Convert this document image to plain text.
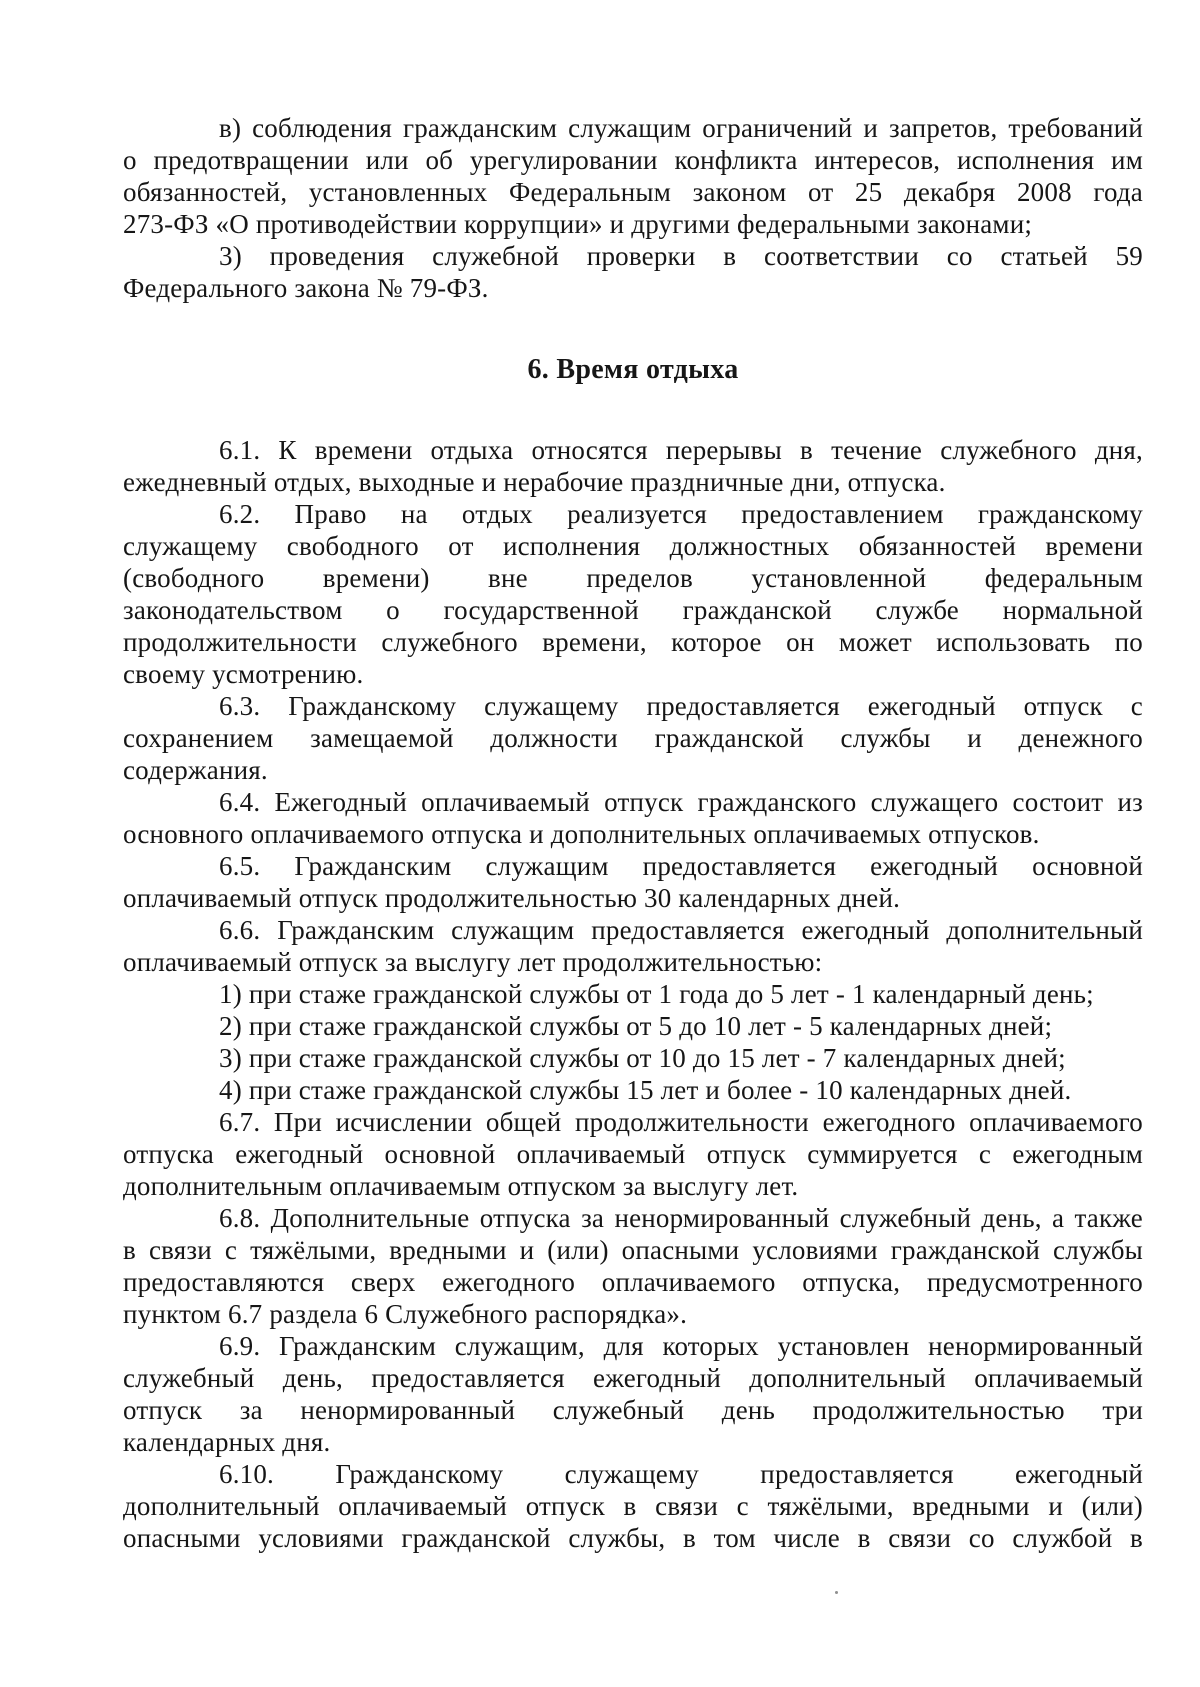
в) соблюдения гражданским служащим ограничений и запретов, требований
о предотвращении или об урегулировании конфликта интересов, исполнения им
обязанностей, установленных Федеральным законом от 25 декабря 2008 года
273-ФЗ «О противодействии коррупции» и другими федеральными законами;
3) проведения служебной проверки в соответствии со статьей 59
Федерального закона № 79-ФЗ.
6. Время отдыха
6.1. К времени отдыха относятся перерывы в течение служебного дня,
ежедневный отдых, выходные и нерабочие праздничные дни, отпуска.
6.2. Право на отдых реализуется предоставлением гражданскому
служащему свободного от исполнения должностных обязанностей времени
(свободного времени) вне пределов установленной федеральным
законодательством о государственной гражданской службе нормальной
продолжительности служебного времени, которое он может использовать по
своему усмотрению.
6.3. Гражданскому служащему предоставляется ежегодный отпуск с
сохранением замещаемой должности гражданской службы и денежного
содержания.
6.4. Ежегодный оплачиваемый отпуск гражданского служащего состоит из
основного оплачиваемого отпуска и дополнительных оплачиваемых отпусков.
6.5. Гражданским служащим предоставляется ежегодный основной
оплачиваемый отпуск продолжительностью 30 календарных дней.
6.6. Гражданским служащим предоставляется ежегодный дополнительный
оплачиваемый отпуск за выслугу лет продолжительностью:
1) при стаже гражданской службы от 1 года до 5 лет - 1 календарный день;
2) при стаже гражданской службы от 5 до 10 лет - 5 календарных дней;
3) при стаже гражданской службы от 10 до 15 лет - 7 календарных дней;
4) при стаже гражданской службы 15 лет и более - 10 календарных дней.
6.7. При исчислении общей продолжительности ежегодного оплачиваемого
отпуска ежегодный основной оплачиваемый отпуск суммируется с ежегодным
дополнительным оплачиваемым отпуском за выслугу лет.
6.8. Дополнительные отпуска за ненормированный служебный день, а также
в связи с тяжёлыми, вредными и (или) опасными условиями гражданской службы
предоставляются сверх ежегодного оплачиваемого отпуска, предусмотренного
пунктом 6.7 раздела 6 Служебного распорядка».
6.9. Гражданским служащим, для которых установлен ненормированный
служебный день, предоставляется ежегодный дополнительный оплачиваемый
отпуск за ненормированный служебный день продолжительностью три
календарных дня.
6.10. Гражданскому служащему предоставляется ежегодный
дополнительный оплачиваемый отпуск в связи с тяжёлыми, вредными и (или)
опасными условиями гражданской службы, в том числе в связи со службой в
